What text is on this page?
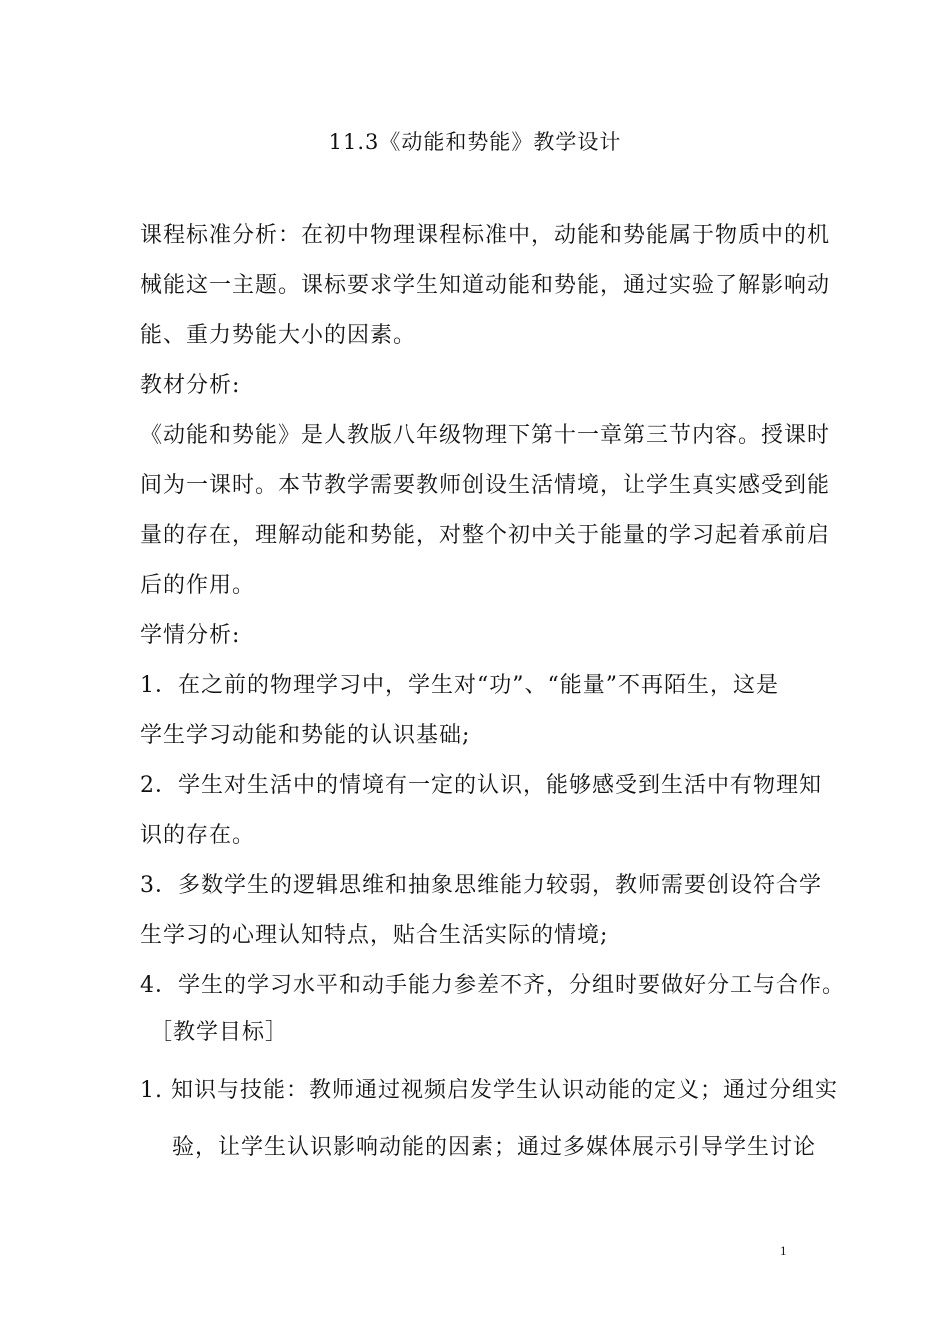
11.3《动能和势能》教学设计
课程标准分析：在初中物理课程标准中，动能和势能属于物质中的机
械能这一主题。课标要求学生知道动能和势能，通过实验了解影响动
能、重力势能大小的因素。
教材分析:
《动能和势能》是人教版八年级物理下第十一章第三节内容。授课时
间为一课时。本节教学需要教师创设生活情境，让学生真实感受到能
量的存在，理解动能和势能，对整个初中关于能量的学习起着承前启
后的作用。
学情分析:
1．在之前的物理学习中，学生对“功”、“能量”不再陌生，这是
学生学习动能和势能的认识基础;
2．学生对生活中的情境有一定的认识，能够感受到生活中有物理知
识的存在。
3．多数学生的逻辑思维和抽象思维能力较弱，教师需要创设符合学
生学习的心理认知特点，贴合生活实际的情境;
4．学生的学习水平和动手能力参差不齐，分组时要做好分工与合作。
［教学目标］
1. 知识与技能：教师通过视频启发学生认识动能的定义；通过分组实
验，让学生认识影响动能的因素；通过多媒体展示引导学生讨论
1
